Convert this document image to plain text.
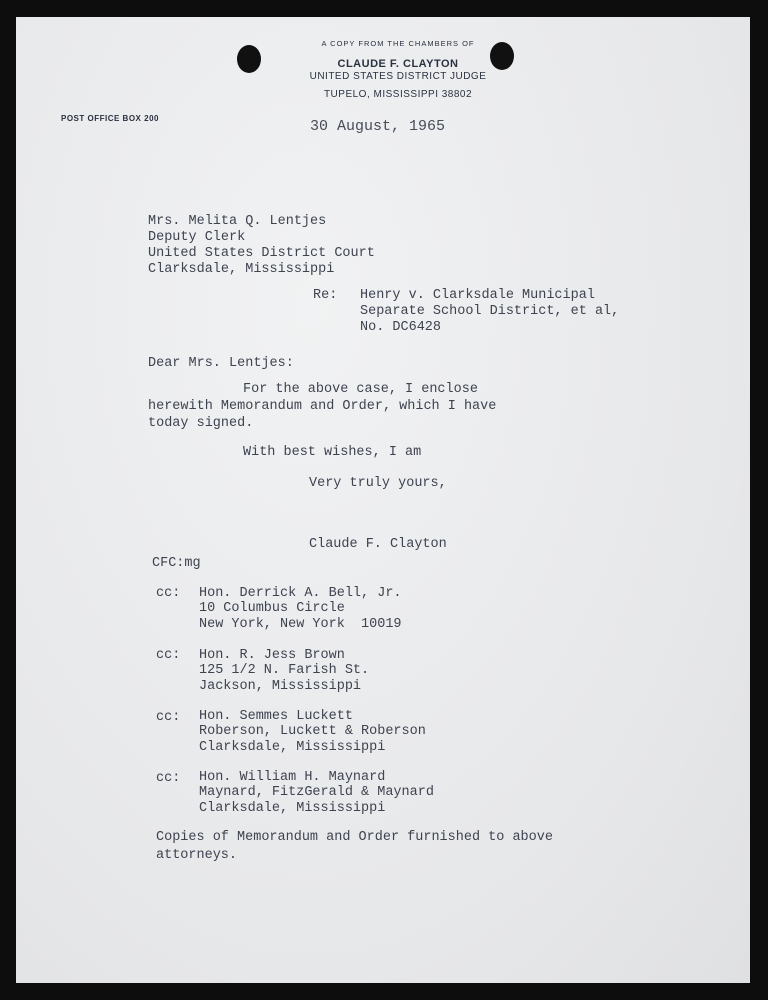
A COPY FROM THE CHAMBERS OF
CLAUDE F. CLAYTON
UNITED STATES DISTRICT JUDGE
TUPELO, MISSISSIPPI 38802
POST OFFICE BOX 200	30 August, 1965
Mrs. Melita Q. Lentjes
Deputy Clerk
United States District Court
Clarksdale, Mississippi
Re: Henry v. Clarksdale Municipal
Separate School District, et al,
No. DC6428
Dear Mrs. Lentjes:
For the above case, I enclose
herewith Memorandum and Order, which I have
today signed.
With best wishes, I am
Very truly yours,
Claude F. Clayton
CFC:mg
cc: Hon. Derrick A. Bell, Jr.
10 Columbus Circle
New York, New York  10019
cc: Hon. R. Jess Brown
125 1/2 N. Farish St.
Jackson, Mississippi
cc: Hon. Semmes Luckett
Roberson, Luckett & Roberson
Clarksdale, Mississippi
cc: Hon. William H. Maynard
Maynard, FitzGerald & Maynard
Clarksdale, Mississippi
Copies of Memorandum and Order furnished to above
attorneys.
